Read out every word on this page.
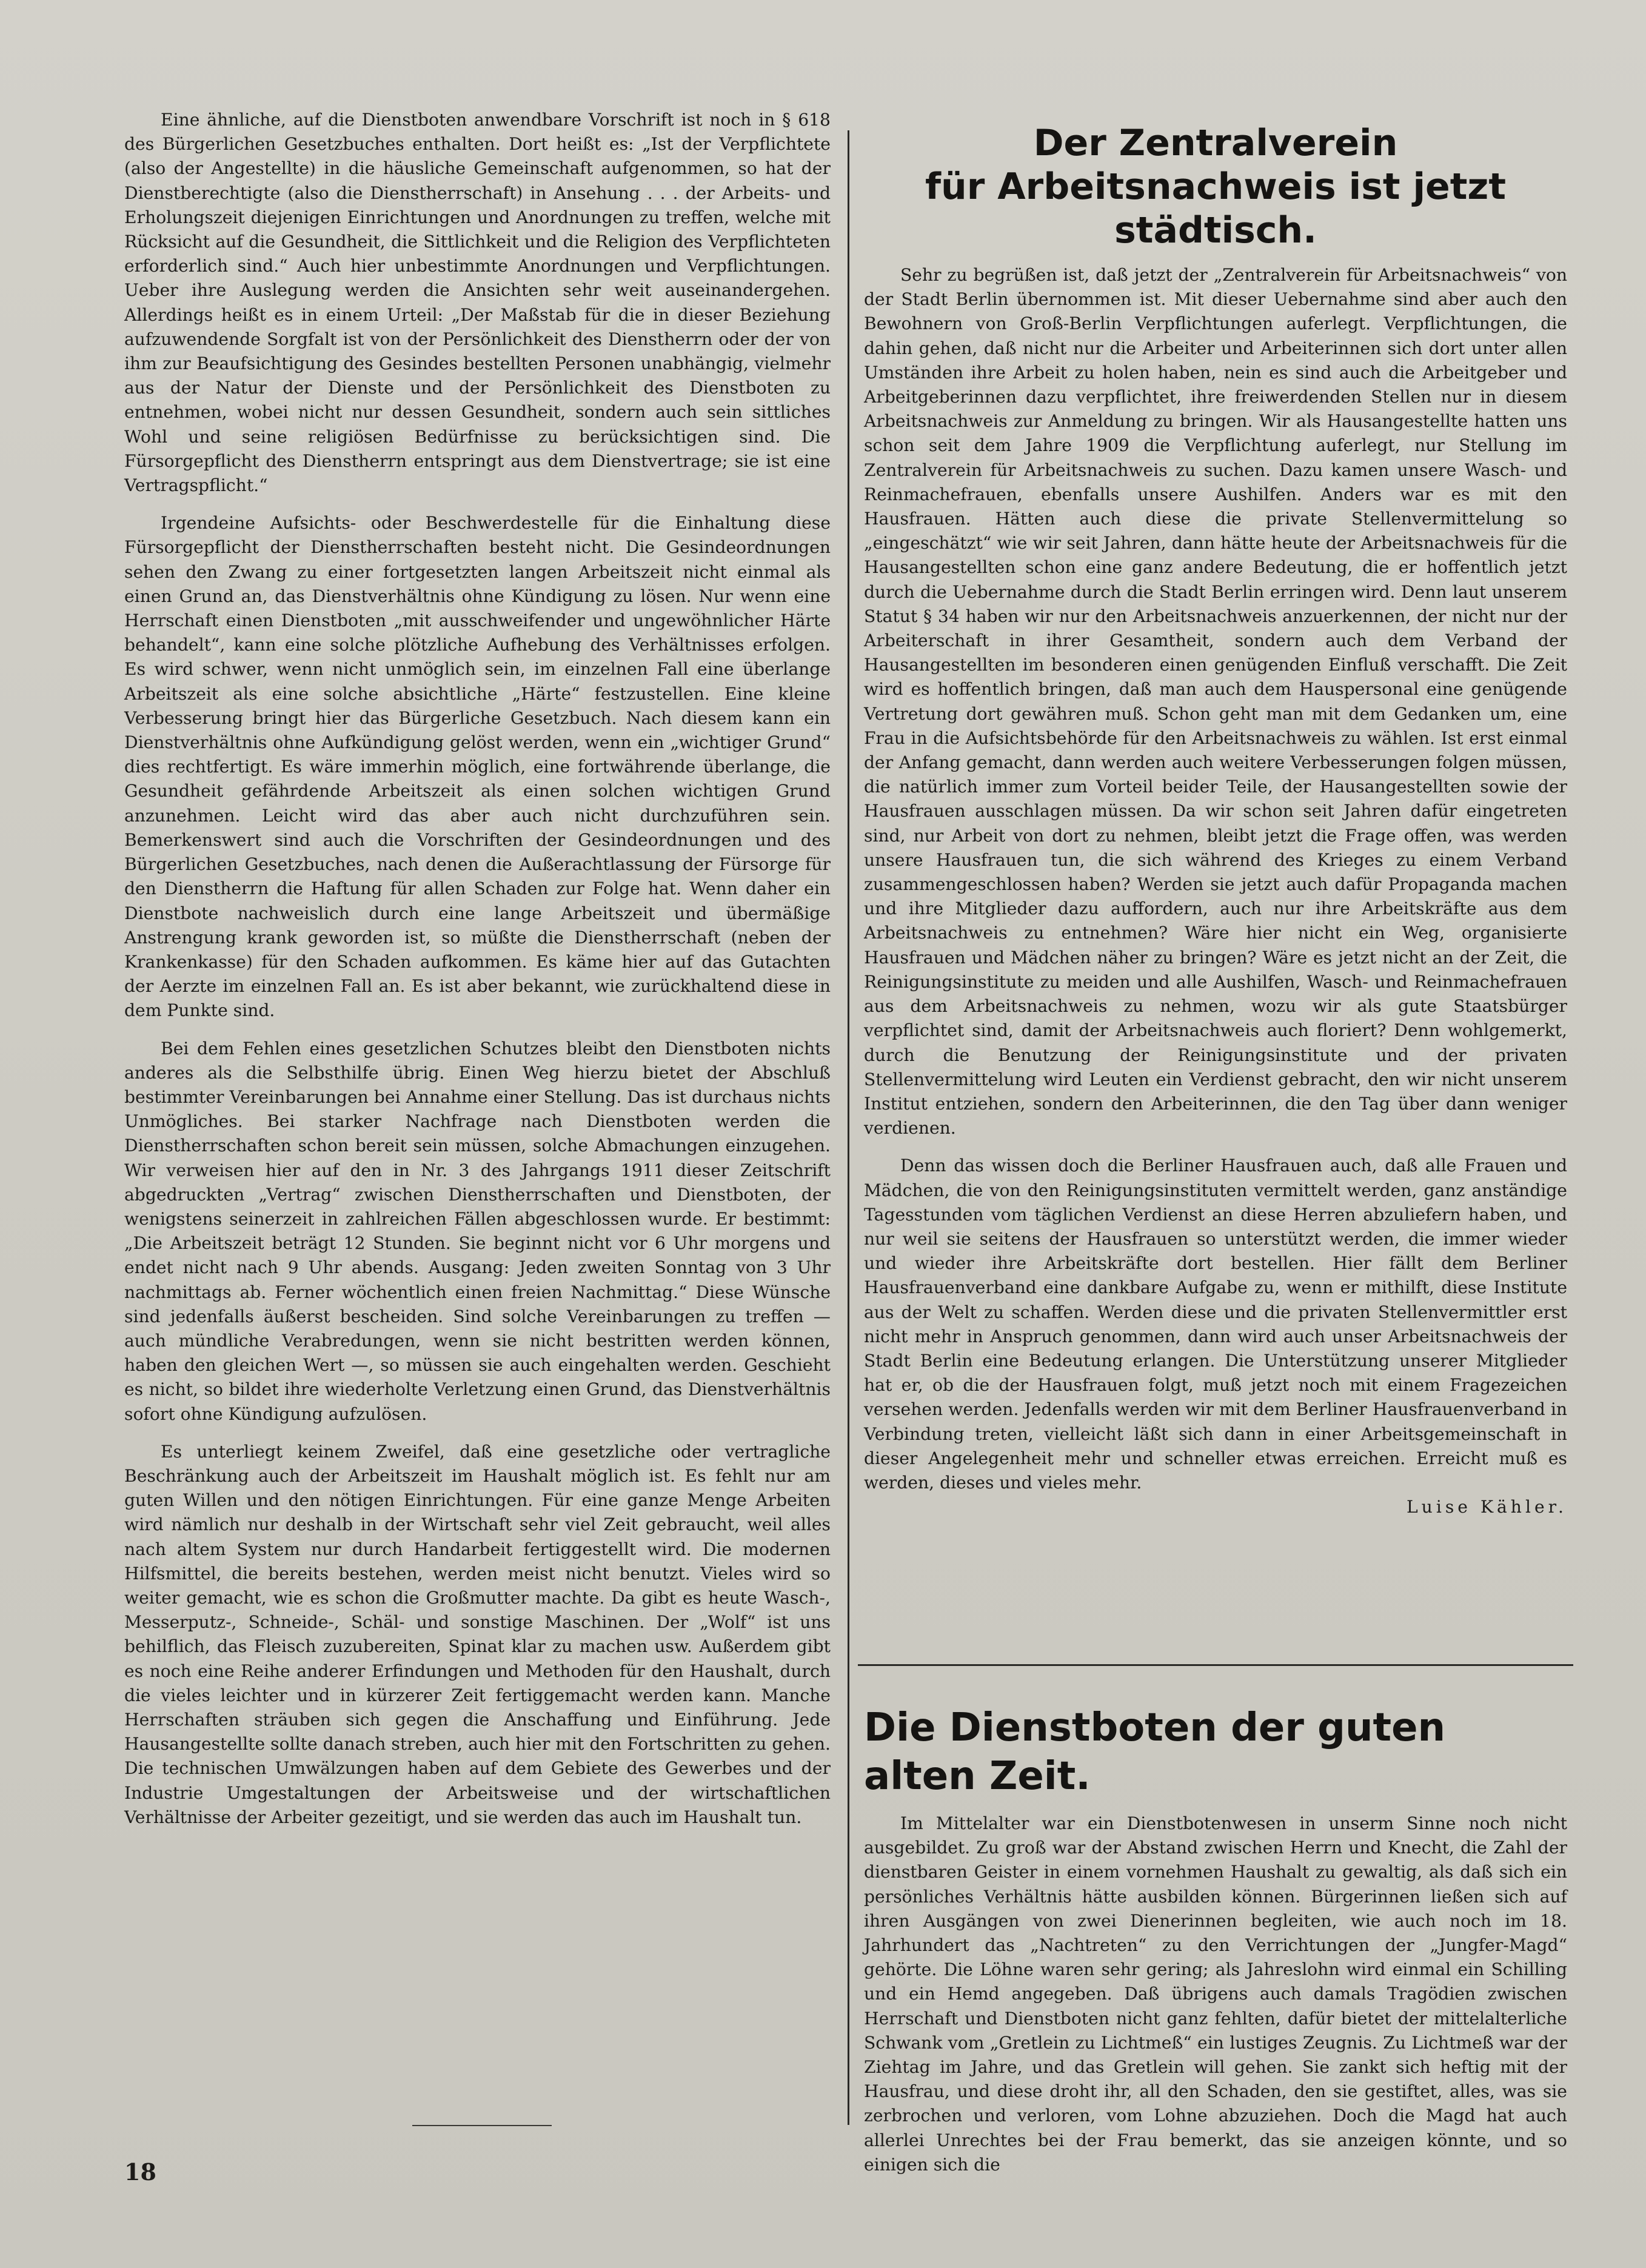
Eine ähnliche, auf die Dienstboten anwendbare Vorschrift ist noch in § 618 des Bürgerlichen Gesetzbuches enthalten. Dort heißt es: „Ist der Verpflichtete (also der Angestellte) in die häusliche Gemeinschaft aufgenommen, so hat der Dienstberechtigte (also die Dienstherrschaft) in Ansehung . . . der Arbeits- und Erholungszeit diejenigen Einrichtungen und Anordnungen zu treffen, welche mit Rücksicht auf die Gesundheit, die Sittlichkeit und die Religion des Verpflichteten erforderlich sind.“ Auch hier unbestimmte Anordnungen und Verpflichtungen. Ueber ihre Auslegung werden die Ansichten sehr weit auseinandergehen. Allerdings heißt es in einem Urteil: „Der Maßstab für die in dieser Beziehung aufzuwendende Sorgfalt ist von der Persönlichkeit des Dienstherrn oder der von ihm zur Beaufsichtigung des Gesindes bestellten Personen unabhängig, vielmehr aus der Natur der Dienste und der Persönlichkeit des Dienstboten zu entnehmen, wobei nicht nur dessen Gesundheit, sondern auch sein sittliches Wohl und seine religiösen Bedürfnisse zu berücksichtigen sind. Die Fürsorgepflicht des Dienstherrn entspringt aus dem Dienstvertrage; sie ist eine Vertragspflicht.“

Irgendeine Aufsichts- oder Beschwerdestelle für die Einhaltung diese Fürsorgepflicht der Dienstherrschaften besteht nicht. Die Gesindeordnungen sehen den Zwang zu einer fortgesetzten langen Arbeitszeit nicht einmal als einen Grund an, das Dienstverhältnis ohne Kündigung zu lösen. Nur wenn eine Herrschaft einen Dienstboten „mit ausschweifender und ungewöhnlicher Härte behandelt“, kann eine solche plötzliche Aufhebung des Verhältnisses erfolgen. Es wird schwer, wenn nicht unmöglich sein, im einzelnen Fall eine überlange Arbeitszeit als eine solche absichtliche „Härte“ festzustellen. Eine kleine Verbesserung bringt hier das Bürgerliche Gesetzbuch. Nach diesem kann ein Dienstverhältnis ohne Aufkündigung gelöst werden, wenn ein „wichtiger Grund“ dies rechtfertigt. Es wäre immerhin möglich, eine fortwährende überlange, die Gesundheit gefährdende Arbeitszeit als einen solchen wichtigen Grund anzunehmen. Leicht wird das aber auch nicht durchzuführen sein. Bemerkenswert sind auch die Vorschriften der Gesindeordnungen und des Bürgerlichen Gesetzbuches, nach denen die Außerachtlassung der Fürsorge für den Dienstherrn die Haftung für allen Schaden zur Folge hat. Wenn daher ein Dienstbote nachweislich durch eine lange Arbeitszeit und übermäßige Anstrengung krank geworden ist, so müßte die Dienstherrschaft (neben der Krankenkasse) für den Schaden aufkommen. Es käme hier auf das Gutachten der Aerzte im einzelnen Fall an. Es ist aber bekannt, wie zurückhaltend diese in dem Punkte sind.

Bei dem Fehlen eines gesetzlichen Schutzes bleibt den Dienstboten nichts anderes als die Selbsthilfe übrig. Einen Weg hierzu bietet der Abschluß bestimmter Vereinbarungen bei Annahme einer Stellung. Das ist durchaus nichts Unmögliches. Bei starker Nachfrage nach Dienstboten werden die Dienstherrschaften schon bereit sein müssen, solche Abmachungen einzugehen. Wir verweisen hier auf den in Nr. 3 des Jahrgangs 1911 dieser Zeitschrift abgedruckten „Vertrag“ zwischen Dienstherrschaften und Dienstboten, der wenigstens seinerzeit in zahlreichen Fällen abgeschlossen wurde. Er bestimmt: „Die Arbeitszeit beträgt 12 Stunden. Sie beginnt nicht vor 6 Uhr morgens und endet nicht nach 9 Uhr abends. Ausgang: Jeden zweiten Sonntag von 3 Uhr nachmittags ab. Ferner wöchentlich einen freien Nachmittag.“ Diese Wünsche sind jedenfalls äußerst bescheiden. Sind solche Vereinbarungen zu treffen — auch mündliche Verabredungen, wenn sie nicht bestritten werden können, haben den gleichen Wert —, so müssen sie auch eingehalten werden. Geschieht es nicht, so bildet ihre wiederholte Verletzung einen Grund, das Dienstverhältnis sofort ohne Kündigung aufzulösen.

Es unterliegt keinem Zweifel, daß eine gesetzliche oder vertragliche Beschränkung auch der Arbeitszeit im Haushalt möglich ist. Es fehlt nur am guten Willen und den nötigen Einrichtungen. Für eine ganze Menge Arbeiten wird nämlich nur deshalb in der Wirtschaft sehr viel Zeit gebraucht, weil alles nach altem System nur durch Handarbeit fertiggestellt wird. Die modernen Hilfsmittel, die bereits bestehen, werden meist nicht benutzt. Vieles wird so weiter gemacht, wie es schon die Großmutter machte. Da gibt es heute Wasch-, Messerputz-, Schneide-, Schäl- und sonstige Maschinen. Der „Wolf“ ist uns behilflich, das Fleisch zuzubereiten, Spinat klar zu machen usw. Außerdem gibt es noch eine Reihe anderer Erfindungen und Methoden für den Haushalt, durch die vieles leichter und in kürzerer Zeit fertiggemacht werden kann. Manche Herrschaften sträuben sich gegen die Anschaffung und Einführung. Jede Hausangestellte sollte danach streben, auch hier mit den Fortschritten zu gehen. Die technischen Umwälzungen haben auf dem Gebiete des Gewerbes und der Industrie Umgestaltungen der Arbeitsweise und der wirtschaftlichen Verhältnisse der Arbeiter gezeitigt, und sie werden das auch im Haushalt tun.

Der Zentralverein
für Arbeitsnachweis ist jetzt städtisch.

Sehr zu begrüßen ist, daß jetzt der „Zentralverein für Arbeitsnachweis“ von der Stadt Berlin übernommen ist. Mit dieser Uebernahme sind aber auch den Bewohnern von Groß-Berlin Verpflichtungen auferlegt. Verpflichtungen, die dahin gehen, daß nicht nur die Arbeiter und Arbeiterinnen sich dort unter allen Umständen ihre Arbeit zu holen haben, nein es sind auch die Arbeitgeber und Arbeitgeberinnen dazu verpflichtet, ihre freiwerdenden Stellen nur in diesem Arbeitsnachweis zur Anmeldung zu bringen. Wir als Hausangestellte hatten uns schon seit dem Jahre 1909 die Verpflichtung auferlegt, nur Stellung im Zentralverein für Arbeitsnachweis zu suchen. Dazu kamen unsere Wasch- und Reinmachefrauen, ebenfalls unsere Aushilfen. Anders war es mit den Hausfrauen. Hätten auch diese die private Stellenvermittelung so „eingeschätzt“ wie wir seit Jahren, dann hätte heute der Arbeitsnachweis für die Hausangestellten schon eine ganz andere Bedeutung, die er hoffentlich jetzt durch die Uebernahme durch die Stadt Berlin erringen wird. Denn laut unserem Statut § 34 haben wir nur den Arbeitsnachweis anzuerkennen, der nicht nur der Arbeiterschaft in ihrer Gesamtheit, sondern auch dem Verband der Hausangestellten im besonderen einen genügenden Einfluß verschafft. Die Zeit wird es hoffentlich bringen, daß man auch dem Hauspersonal eine genügende Vertretung dort gewähren muß. Schon geht man mit dem Gedanken um, eine Frau in die Aufsichtsbehörde für den Arbeitsnachweis zu wählen. Ist erst einmal der Anfang gemacht, dann werden auch weitere Verbesserungen folgen müssen, die natürlich immer zum Vorteil beider Teile, der Hausangestellten sowie der Hausfrauen ausschlagen müssen. Da wir schon seit Jahren dafür eingetreten sind, nur Arbeit von dort zu nehmen, bleibt jetzt die Frage offen, was werden unsere Hausfrauen tun, die sich während des Krieges zu einem Verband zusammengeschlossen haben? Werden sie jetzt auch dafür Propaganda machen und ihre Mitglieder dazu auffordern, auch nur ihre Arbeitskräfte aus dem Arbeitsnachweis zu entnehmen? Wäre hier nicht ein Weg, organisierte Hausfrauen und Mädchen näher zu bringen? Wäre es jetzt nicht an der Zeit, die Reinigungsinstitute zu meiden und alle Aushilfen, Wasch- und Reinmachefrauen aus dem Arbeitsnachweis zu nehmen, wozu wir als gute Staatsbürger verpflichtet sind, damit der Arbeitsnachweis auch floriert? Denn wohlgemerkt, durch die Benutzung der Reinigungsinstitute und der privaten Stellenvermittelung wird Leuten ein Verdienst gebracht, den wir nicht unserem Institut entziehen, sondern den Arbeiterinnen, die den Tag über dann weniger verdienen.

Denn das wissen doch die Berliner Hausfrauen auch, daß alle Frauen und Mädchen, die von den Reinigungsinstituten vermittelt werden, ganz anständige Tagesstunden vom täglichen Verdienst an diese Herren abzuliefern haben, und nur weil sie seitens der Hausfrauen so unterstützt werden, die immer wieder und wieder ihre Arbeitskräfte dort bestellen. Hier fällt dem Berliner Hausfrauenverband eine dankbare Aufgabe zu, wenn er mithilft, diese Institute aus der Welt zu schaffen. Werden diese und die privaten Stellenvermittler erst nicht mehr in Anspruch genommen, dann wird auch unser Arbeitsnachweis der Stadt Berlin eine Bedeutung erlangen. Die Unterstützung unserer Mitglieder hat er, ob die der Hausfrauen folgt, muß jetzt noch mit einem Fragezeichen versehen werden. Jedenfalls werden wir mit dem Berliner Hausfrauenverband in Verbindung treten, vielleicht läßt sich dann in einer Arbeitsgemeinschaft in dieser Angelegenheit mehr und schneller etwas erreichen. Erreicht muß es werden, dieses und vieles mehr.

Luise Kähler.
Die Dienstboten der guten alten Zeit.

Im Mittelalter war ein Dienstbotenwesen in unserm Sinne noch nicht ausgebildet. Zu groß war der Abstand zwischen Herrn und Knecht, die Zahl der dienstbaren Geister in einem vornehmen Haushalt zu gewaltig, als daß sich ein persönliches Verhältnis hätte ausbilden können. Bürgerinnen ließen sich auf ihren Ausgängen von zwei Dienerinnen begleiten, wie auch noch im 18. Jahrhundert das „Nachtreten“ zu den Verrichtungen der „Jungfer-Magd“ gehörte. Die Löhne waren sehr gering; als Jahreslohn wird einmal ein Schilling und ein Hemd angegeben. Daß übrigens auch damals Tragödien zwischen Herrschaft und Dienstboten nicht ganz fehlten, dafür bietet der mittelalterliche Schwank vom „Gretlein zu Lichtmeß“ ein lustiges Zeugnis. Zu Lichtmeß war der Ziehtag im Jahre, und das Gretlein will gehen. Sie zankt sich heftig mit der Hausfrau, und diese droht ihr, all den Schaden, den sie gestiftet, alles, was sie zerbrochen und verloren, vom Lohne abzuziehen. Doch die Magd hat auch allerlei Unrechtes bei der Frau bemerkt, das sie anzeigen könnte, und so einigen sich die

18
